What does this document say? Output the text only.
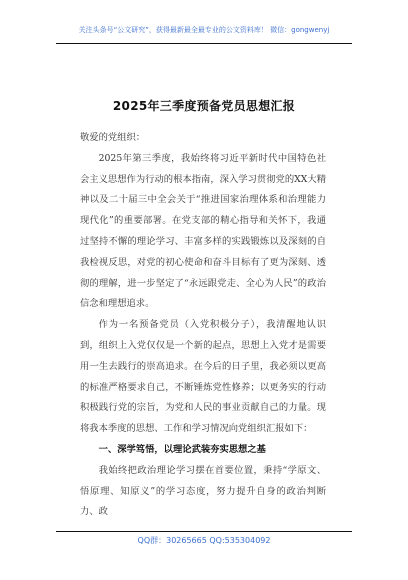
关注头条号“公文研究”，获得最新最全最专业的公文资料库！ 微信：gongwenyj
2025年三季度预备党员思想汇报

敬爱的党组织：

2025年第三季度，我始终将习近平新时代中国特色社会主义思想作为行动的根本指南，深入学习贯彻党的XX大精神以及二十届三中全会关于“推进国家治理体系和治理能力现代化”的重要部署。在党支部的精心指导和关怀下，我通过坚持不懈的理论学习、丰富多样的实践锻炼以及深刻的自我检视反思，对党的初心使命和奋斗目标有了更为深刻、透彻的理解，进一步坚定了“永远跟党走、全心为人民”的政治信念和理想追求。

作为一名预备党员（入党积极分子），我清醒地认识到，组织上入党仅仅是一个新的起点，思想上入党才是需要用一生去践行的崇高追求。在今后的日子里，我必须以更高的标准严格要求自己，不断锤炼党性修养；以更务实的行动积极践行党的宗旨，为党和人民的事业贡献自己的力量。现将我本季度的思想、工作和学习情况向党组织汇报如下：

一、深学笃悟，以理论武装夯实思想之基

我始终把政治理论学习摆在首要位置，秉持“学原文、悟原理、知原义”的学习态度，努力提升自身的政治判断力、政

QQ群：30265665 QQ:535304092
